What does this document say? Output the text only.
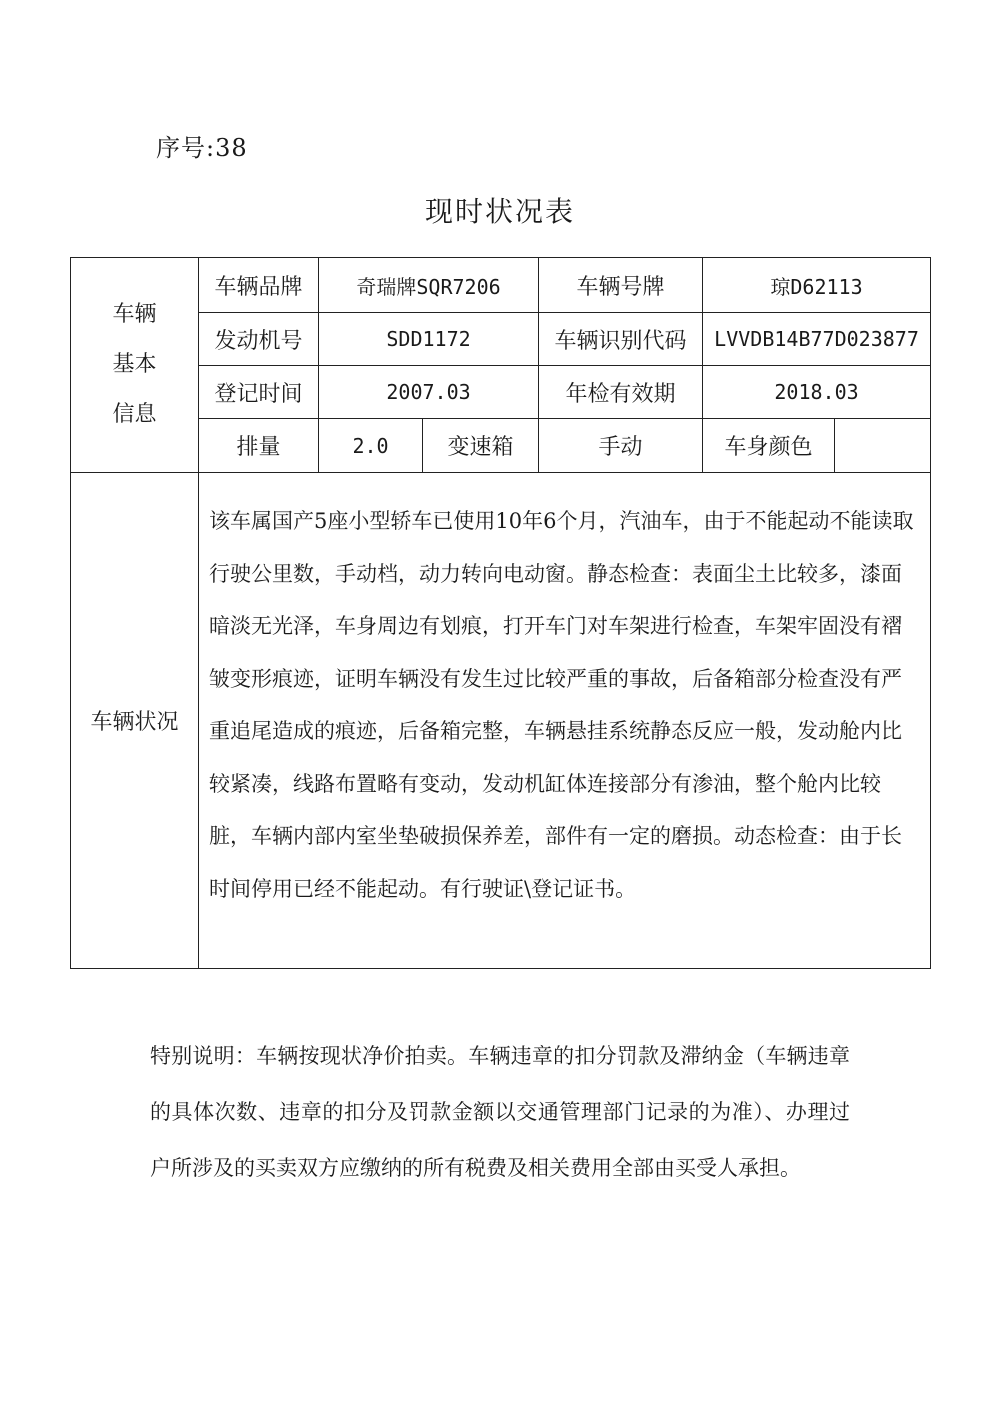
序号:38
现时状况表
车辆
基本
信息	车辆品牌	奇瑞牌SQR7206		车辆号牌	琼D62113	
	发动机号	SDD1172		车辆识别代码	LVVDB14B77D023877	
	登记时间	2007.03		年检有效期	2018.03	
	排量	2.0	变速箱	手动	车身颜色	
车辆状况	该车属国产5座小型轿车已使用10年6个月，汽油车，由于不能起动不能读取行驶公里数，手动档，动力转向电动窗。静态检查：表面尘土比较多，漆面暗淡无光泽，车身周边有划痕，打开车门对车架进行检查，车架牢固没有褶皱变形痕迹，证明车辆没有发生过比较严重的事故，后备箱部分检查没有严重追尾造成的痕迹，后备箱完整，车辆悬挂系统静态反应一般，发动舱内比较紧凑，线路布置略有变动，发动机缸体连接部分有渗油，整个舱内比较脏，车辆内部内室坐垫破损保养差，部件有一定的磨损。动态检查：由于长时间停用已经不能起动。有行驶证\登记证书。					
特别说明：车辆按现状净价拍卖。车辆违章的扣分罚款及滞纳金（车辆违章的具体次数、违章的扣分及罚款金额以交通管理部门记录的为准）、办理过户所涉及的买卖双方应缴纳的所有税费及相关费用全部由买受人承担。
